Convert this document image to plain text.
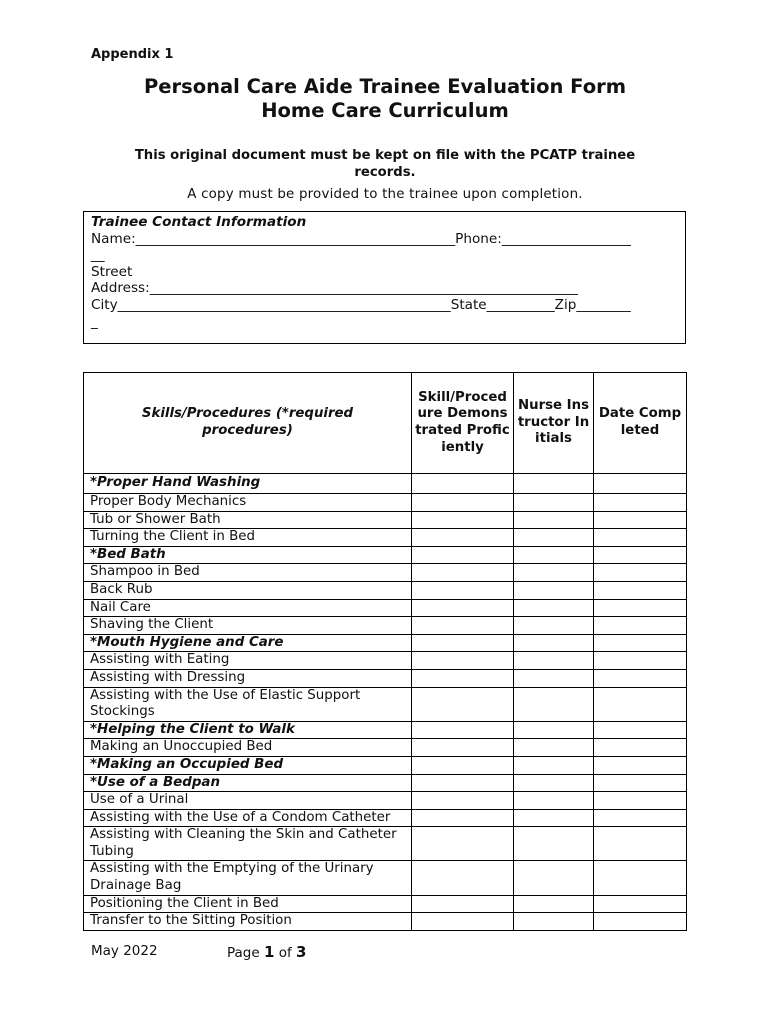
Appendix 1
Personal Care Aide Trainee Evaluation Form
Home Care Curriculum
This original document must be kept on file with the PCATP trainee records.
A copy must be provided to the trainee upon completion.
Trainee Contact Information
Name:_______________________________________________Phone:___________________
__
Street
Address:_______________________________________________________________
City_________________________________________________State__________Zip________
_
Skills/Procedures (*required procedures)	Skill/Procedure Demonstrated Proficiently	Nurse Instructor Initials	Date Completed
*Proper Hand Washing			
Proper Body Mechanics			
Tub or Shower Bath			
Turning the Client in Bed			
*Bed Bath			
Shampoo in Bed			
Back Rub			
Nail Care			
Shaving the Client			
*Mouth Hygiene and Care			
Assisting with Eating			
Assisting with Dressing			
Assisting with the Use of Elastic Support Stockings			
*Helping the Client to Walk			
Making an Unoccupied Bed			
*Making an Occupied Bed			
*Use of a Bedpan			
Use of a Urinal			
Assisting with the Use of a Condom Catheter			
Assisting with Cleaning the Skin and Catheter Tubing			
Assisting with the Emptying of the Urinary Drainage Bag			
Positioning the Client in Bed			
Transfer to the Sitting Position			
May 2022	Page 1 of 3
